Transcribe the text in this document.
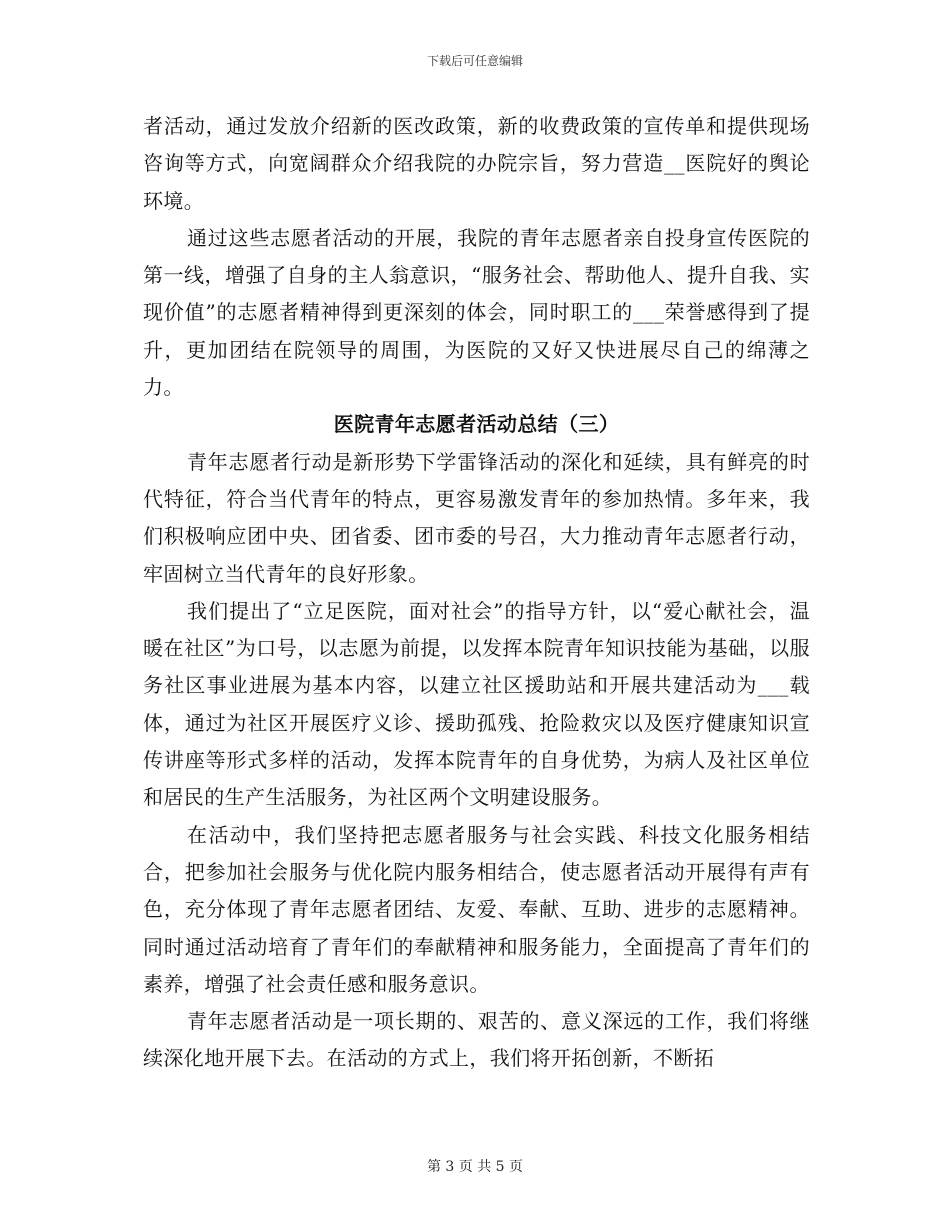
下载后可任意编辑

者活动，通过发放介绍新的医改政策，新的收费政策的宣传单和提供现场咨询等方式，向宽阔群众介绍我院的办院宗旨，努力营造__医院好的舆论环境。

通过这些志愿者活动的开展，我院的青年志愿者亲自投身宣传医院的第一线，增强了自身的主人翁意识，“服务社会、帮助他人、提升自我、实现价值”的志愿者精神得到更深刻的体会，同时职工的___荣誉感得到了提升，更加团结在院领导的周围，为医院的又好又快进展尽自己的绵薄之力。

医院青年志愿者活动总结（三）

青年志愿者行动是新形势下学雷锋活动的深化和延续，具有鲜亮的时代特征，符合当代青年的特点，更容易激发青年的参加热情。多年来，我们积极响应团中央、团省委、团市委的号召，大力推动青年志愿者行动，牢固树立当代青年的良好形象。

我们提出了“立足医院，面对社会”的指导方针，以“爱心献社会，温暖在社区”为口号，以志愿为前提，以发挥本院青年知识技能为基础，以服务社区事业进展为基本内容，以建立社区援助站和开展共建活动为___载体，通过为社区开展医疗义诊、援助孤残、抢险救灾以及医疗健康知识宣传讲座等形式多样的活动，发挥本院青年的自身优势，为病人及社区单位和居民的生产生活服务，为社区两个文明建设服务。

在活动中，我们坚持把志愿者服务与社会实践、科技文化服务相结合，把参加社会服务与优化院内服务相结合，使志愿者活动开展得有声有色，充分体现了青年志愿者团结、友爱、奉献、互助、进步的志愿精神。同时通过活动培育了青年们的奉献精神和服务能力，全面提高了青年们的素养，增强了社会责任感和服务意识。

青年志愿者活动是一项长期的、艰苦的、意义深远的工作，我们将继续深化地开展下去。在活动的方式上，我们将开拓创新，不断拓

第 3 页 共 5 页
